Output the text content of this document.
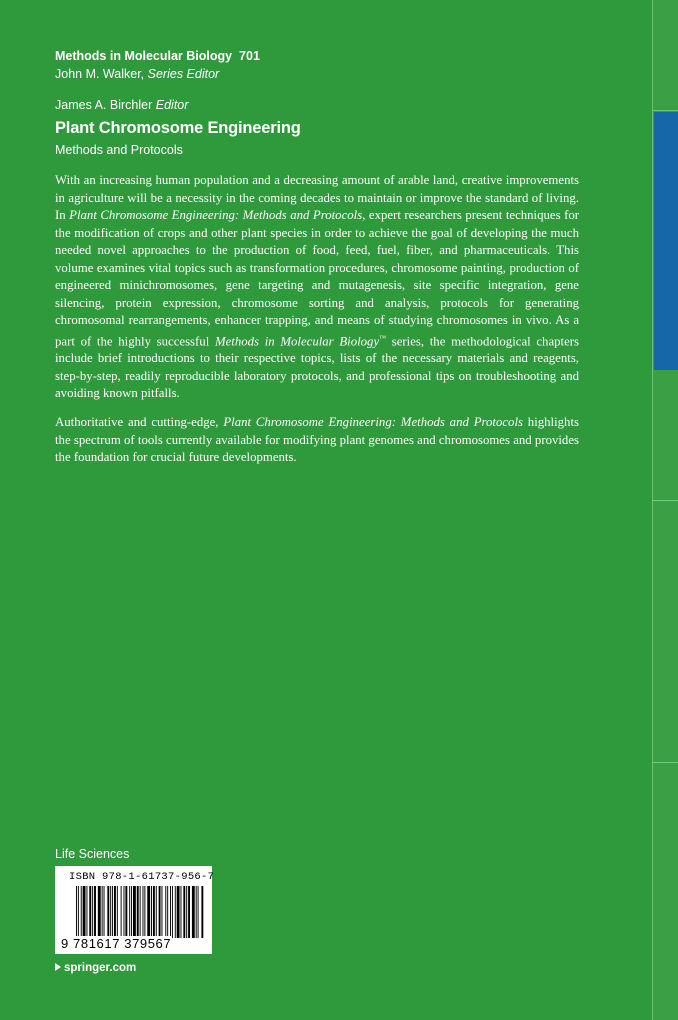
Methods in Molecular Biology 701
John M. Walker, Series Editor
James A. Birchler Editor
Plant Chromosome Engineering
Methods and Protocols

With an increasing human population and a decreasing amount of arable land, creative improvements in agriculture will be a necessity in the coming decades to maintain or improve the standard of living. In Plant Chromosome Engineering: Methods and Protocols, expert researchers present techniques for the modification of crops and other plant species in order to achieve the goal of developing the much needed novel approaches to the production of food, feed, fuel, fiber, and pharmaceuticals. This volume examines vital topics such as transformation procedures, chromosome painting, production of engineered minichromosomes, gene targeting and mutagenesis, site specific integration, gene silencing, protein expression, chromosome sorting and analysis, protocols for generating chromosomal rearrangements, enhancer trapping, and means of studying chromosomes in vivo. As a part of the highly successful Methods in Molecular Biology™ series, the methodological chapters include brief introductions to their respective topics, lists of the necessary materials and reagents, step-by-step, readily reproducible laboratory protocols, and professional tips on troubleshooting and avoiding known pitfalls.

Authoritative and cutting-edge, Plant Chromosome Engineering: Methods and Protocols highlights the spectrum of tools currently available for modifying plant genomes and chromosomes and provides the foundation for crucial future developments.

Life Sciences
ISBN 978-1-61737-956-7
9 781617 379567
springer.com
